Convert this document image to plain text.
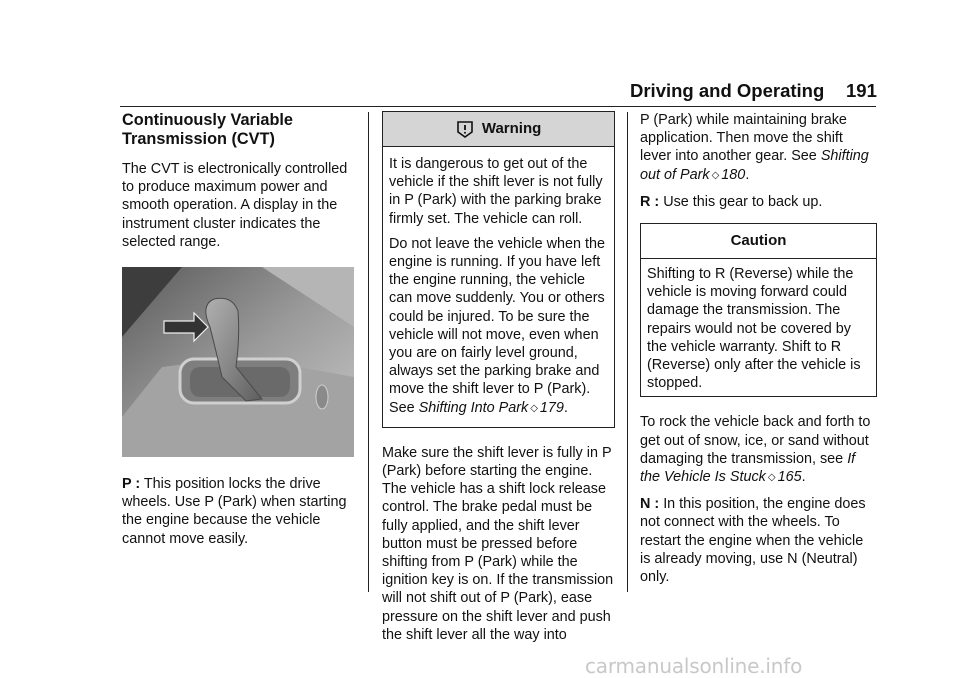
Driving and Operating 191
Continuously Variable
Transmission (CVT)

The CVT is electronically controlled to produce maximum power and smooth operation. A display in the instrument cluster indicates the selected range.

P : This position locks the drive wheels. Use P (Park) when starting the engine because the vehicle cannot move easily.

Warning

It is dangerous to get out of the vehicle if the shift lever is not fully in P (Park) with the parking brake firmly set. The vehicle can roll.

Do not leave the vehicle when the engine is running. If you have left the engine running, the vehicle can move suddenly. You or others could be injured. To be sure the vehicle will not move, even when you are on fairly level ground, always set the parking brake and move the shift lever to P (Park). See Shifting Into Park ◇ 179.

Make sure the shift lever is fully in P (Park) before starting the engine. The vehicle has a shift lock release control. The brake pedal must be fully applied, and the shift lever button must be pressed before shifting from P (Park) while the ignition key is on. If the transmission will not shift out of P (Park), ease pressure on the shift lever and push the shift lever all the way into

P (Park) while maintaining brake application. Then move the shift lever into another gear. See Shifting out of Park ◇ 180.

R : Use this gear to back up.

Caution

Shifting to R (Reverse) while the vehicle is moving forward could damage the transmission. The repairs would not be covered by the vehicle warranty. Shift to R (Reverse) only after the vehicle is stopped.

To rock the vehicle back and forth to get out of snow, ice, or sand without damaging the transmission, see If the Vehicle Is Stuck ◇ 165.

N : In this position, the engine does not connect with the wheels. To restart the engine when the vehicle is already moving, use N (Neutral) only.

carmanualsonline.info
